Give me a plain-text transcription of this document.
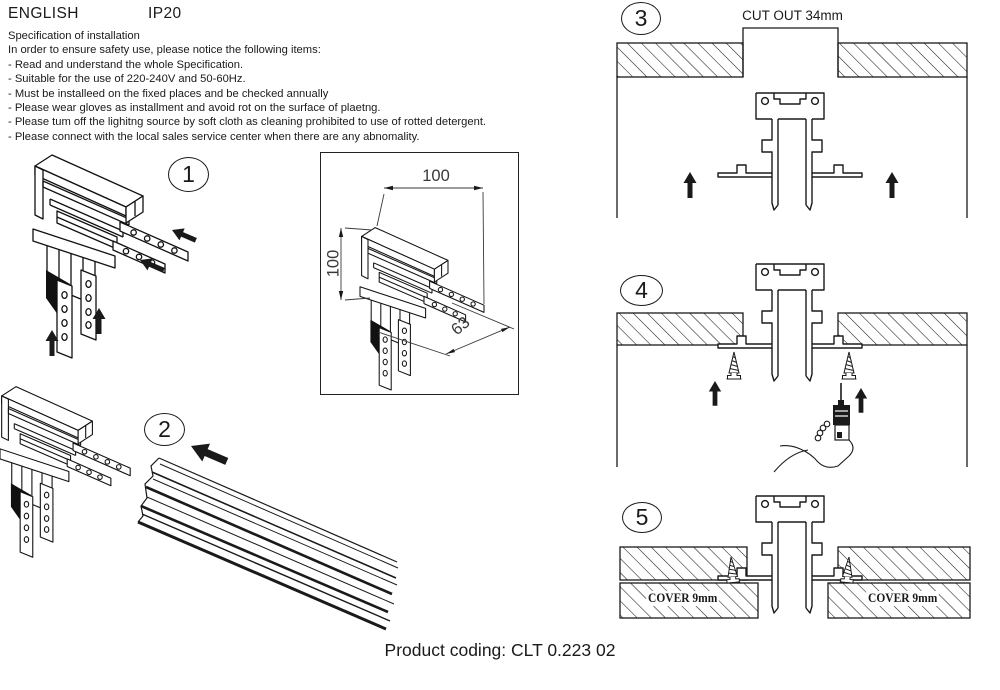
ENGLISH	IP20
Specification of installation
In order to ensure safety use, please notice the following items:
- Read and understand the whole Specification.
- Suitable for the use of 220-240V and 50-60Hz.
- Must be installeed on the fixed places and be checked annually
- Please wear gloves as installment and avoid rot on the surface of plaetng.
- Please tum off the lighitng source by soft cloth as cleaning prohibited to use of rotted detergent.
- Please connect with the local sales service center when there are any abnomality.
1
2
3
4
5
100
100
63
CUT OUT 34mm
COVER 9mm	COVER 9mm
Product coding: CLT 0.223 02
